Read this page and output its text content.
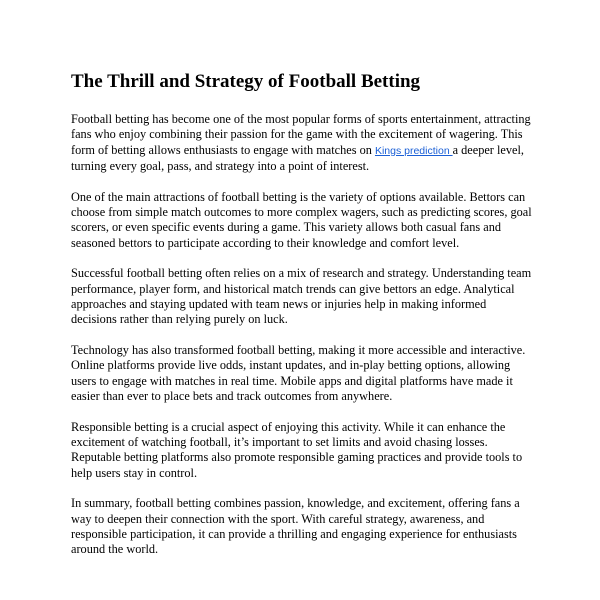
The Thrill and Strategy of Football Betting

Football betting has become one of the most popular forms of sports entertainment, attracting fans who enjoy combining their passion for the game with the excitement of wagering. This form of betting allows enthusiasts to engage with matches on Kings prediction a deeper level, turning every goal, pass, and strategy into a point of interest.

One of the main attractions of football betting is the variety of options available. Bettors can choose from simple match outcomes to more complex wagers, such as predicting scores, goal scorers, or even specific events during a game. This variety allows both casual fans and seasoned bettors to participate according to their knowledge and comfort level.

Successful football betting often relies on a mix of research and strategy. Understanding team performance, player form, and historical match trends can give bettors an edge. Analytical approaches and staying updated with team news or injuries help in making informed decisions rather than relying purely on luck.

Technology has also transformed football betting, making it more accessible and interactive. Online platforms provide live odds, instant updates, and in-play betting options, allowing users to engage with matches in real time. Mobile apps and digital platforms have made it easier than ever to place bets and track outcomes from anywhere.

Responsible betting is a crucial aspect of enjoying this activity. While it can enhance the excitement of watching football, it’s important to set limits and avoid chasing losses. Reputable betting platforms also promote responsible gaming practices and provide tools to help users stay in control.

In summary, football betting combines passion, knowledge, and excitement, offering fans a way to deepen their connection with the sport. With careful strategy, awareness, and responsible participation, it can provide a thrilling and engaging experience for enthusiasts around the world.
